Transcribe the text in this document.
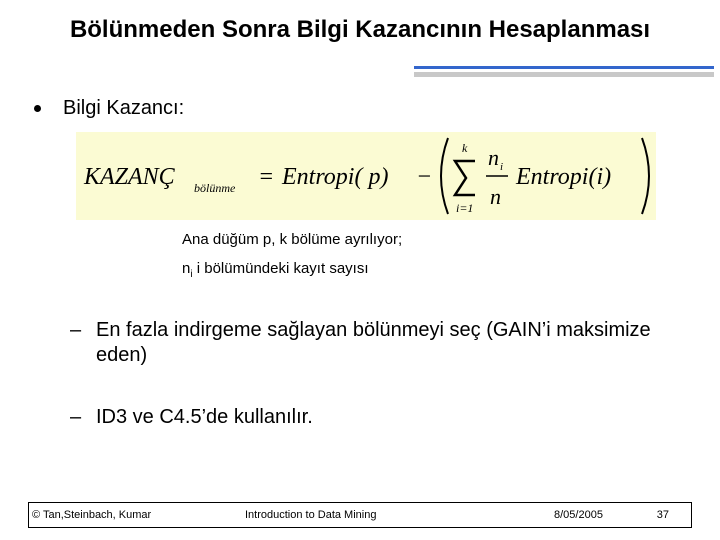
Bölünmeden Sonra Bilgi Kazancının Hesaplanması
Bilgi Kazancı:
KAZANÇ bölünme = Entropi( p) −
k
i=1
n i
n
Entropi(i)
Ana düğüm p, k bölüme ayrılıyor;
$n_i$ i bölümündeki kayıt sayısı
– En fazla indirgeme sağlayan bölünmeyi seç (GAIN’i maksimize eden)
– ID3 ve C4.5’de kullanılır.
© Tan,Steinbach, Kumar	Introduction to Data Mining	8/05/2005	37
